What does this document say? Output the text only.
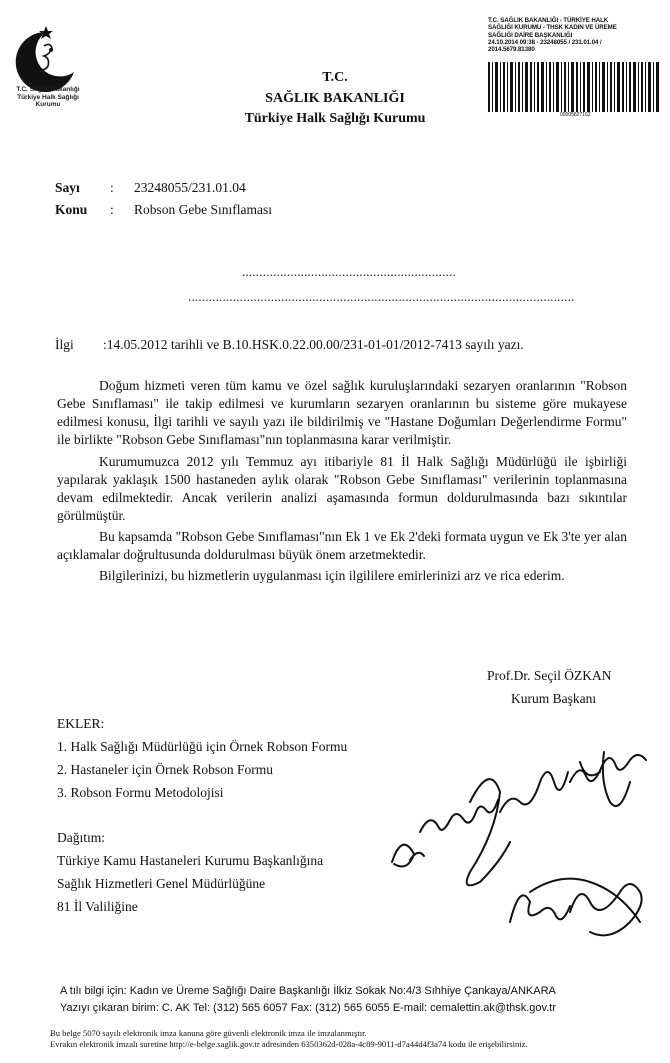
T.C. Sağlık Bakanlığı
Türkiye Halk Sağlığı
Kurumu
T.C. SAĞLIK BAKANLIĞI - TÜRKİYE HALK
SAĞLIĞI KURUMU - THSK KADIN VE ÜREME
SAĞLIĞI DAİRE BAŞKANLIĞI
24.10.2014 09:38 - 23248055 / 231.01.04 /
2014.5679.81380
00005827162
T.C.
SAĞLIK BAKANLIĞI
Türkiye Halk Sağlığı Kurumu
Sayı : 23248055/231.01.04
Konu : Robson Gebe Sınıflaması
..............................................................
................................................................................................................
İlgi :14.05.2012 tarihli ve B.10.HSK.0.22.00.00/231-01-01/2012-7413 sayılı yazı.

Doğum hizmeti veren tüm kamu ve özel sağlık kuruluşlarındaki sezaryen oranlarının "Robson Gebe Sınıflaması" ile takip edilmesi ve kurumların sezaryen oranlarının bu sisteme göre mukayese edilmesi konusu, İlgi tarihli ve sayılı yazı ile bildirilmiş ve "Hastane Doğumları Değerlendirme Formu" ile birlikte "Robson Gebe Sınıflaması"nın toplanmasına karar verilmiştir.

Kurumumuzca 2012 yılı Temmuz ayı itibariyle 81 İl Halk Sağlığı Müdürlüğü ile işbirliği yapılarak yaklaşık 1500 hastaneden aylık olarak "Robson Gebe Sınıflaması" verilerinin toplanmasına devam edilmektedir. Ancak verilerin analizi aşamasında formun doldurulmasında bazı sıkıntılar görülmüştür.

Bu kapsamda "Robson Gebe Sınıflaması"nın Ek 1 ve Ek 2'deki formata uygun ve Ek 3'te yer alan açıklamalar doğrultusunda doldurulması büyük önem arzetmektedir.

Bilgilerinizi, bu hizmetlerin uygulanması için ilgililere emirlerinizi arz ve rica ederim.

Prof.Dr. Seçil ÖZKAN
Kurum Başkanı
EKLER:
1. Halk Sağlığı Müdürlüğü için Örnek Robson Formu
2. Hastaneler için Örnek Robson Formu
3. Robson Formu Metodolojisi
Dağıtım:
Türkiye Kamu Hastaneleri Kurumu Başkanlığına
Sağlık Hizmetleri Genel Müdürlüğüne
81 İl Valiliğine
A tılı bilgi için: Kadın ve Üreme Sağlığı Daire Başkanlığı İlkiz Sokak No:4/3 Sıhhiye Çankaya/ANKARA
Yazıyı çıkaran birim: C. AK Tel: (312) 565 6057 Fax: (312) 565 6055 E-mail: cemalettin.ak@thsk.gov.tr
Bu belge 5070 sayılı elektronik imza kanuna göre güvenli elektronik imza ile imzalanmıştır.
Evrakın elektronik imzalı suretine http://e-belge.saglik.gov.tr adresinden 6350362d-028a-4c89-9011-d7a44d4f3a74 kodu ile erişebilirsiniz.
